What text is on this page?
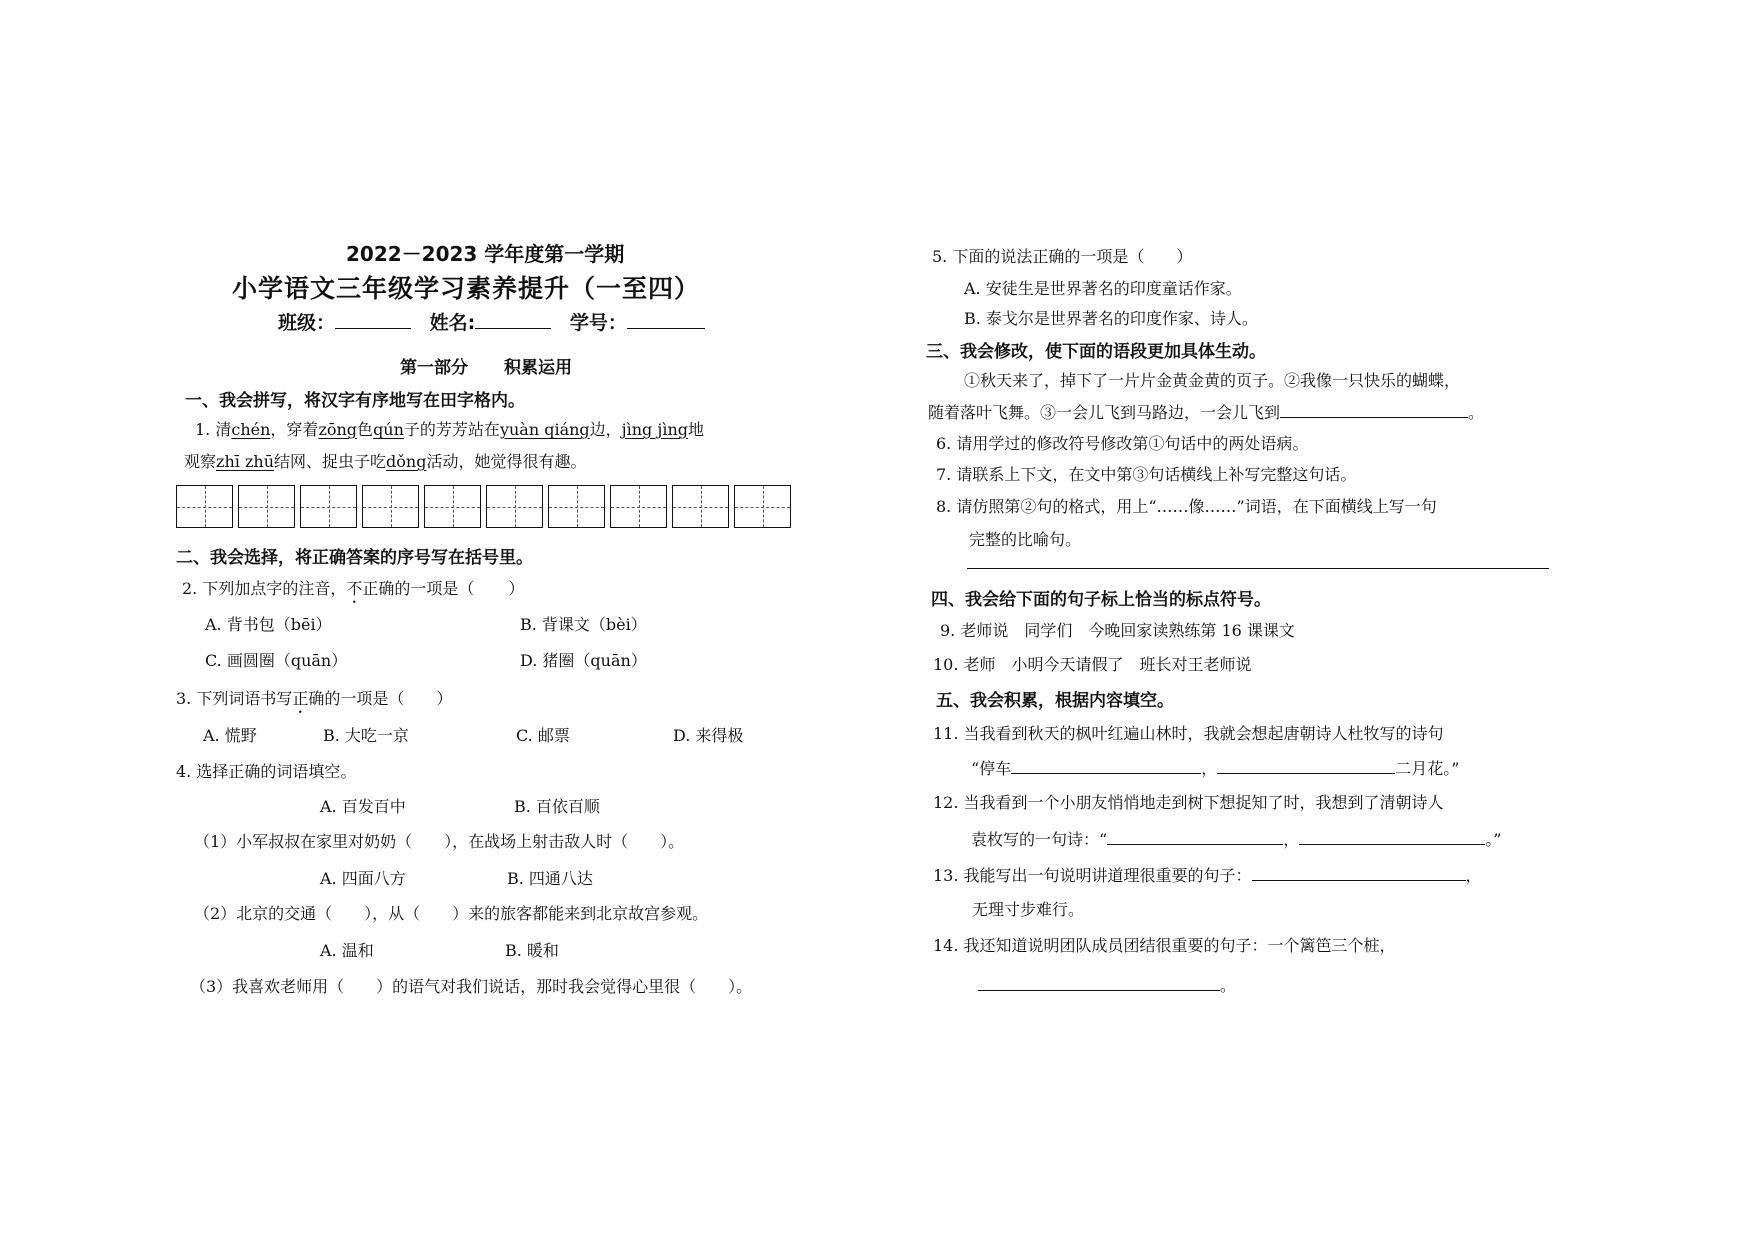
2022－2023 学年度第一学期
小学语文三年级学习素养提升（一至四）
班级：	姓名:	学号：
第一部分 积累运用
一、我会拼写，将汉字有序地写在田字格内。
1. 清chén，穿着zōng色qún子的芳芳站在yuàn qiáng边，jìng jìng地
观察zhī zhū结网、捉虫子吃dǒng活动，她觉得很有趣。
二、我会选择，将正确答案的序号写在括号里。
2. 下列加点字的注音，不正确的一项是（ ）
A. 背书包（bēi）	B. 背课文（bèi）
C. 画圆圈（quān）	D. 猪圈（quān）
3. 下列词语书写正确的一项是（　　）
A. 慌野	B. 大吃一京	C. 邮票	D. 来得极
4. 选择正确的词语填空。
A. 百发百中	B. 百依百顺
（1）小军叔叔在家里对奶奶（　　），在战场上射击敌人时（　　）。
A. 四面八方	B. 四通八达
（2）北京的交通（　　），从（　　）来的旅客都能来到北京故宫参观。
A. 温和	B. 暖和
（3）我喜欢老师用（　　）的语气对我们说话，那时我会觉得心里很（　　）。
5. 下面的说法正确的一项是（　　）
A. 安徒生是世界著名的印度童话作家。
B. 泰戈尔是世界著名的印度作家、诗人。
三、我会修改，使下面的语段更加具体生动。
①秋天来了，掉下了一片片金黄金黄的页子。②我像一只快乐的蝴蝶，
随着落叶飞舞。③一会儿飞到马路边，一会儿飞到	。
6. 请用学过的修改符号修改第①句话中的两处语病。
7. 请联系上下文，在文中第③句话横线上补写完整这句话。
8. 请仿照第②句的格式，用上“……像……”词语，在下面横线上写一句
完整的比喻句。
四、我会给下面的句子标上恰当的标点符号。
9. 老师说　同学们　今晚回家读熟练第 16 课课文
10. 老师　小明今天请假了　班长对王老师说
五、我会积累，根据内容填空。
11. 当我看到秋天的枫叶红遍山林时，我就会想起唐朝诗人杜牧写的诗句
“停车	，	二月花。”
12. 当我看到一个小朋友悄悄地走到树下想捉知了时，我想到了清朝诗人
袁枚写的一句诗：“	，	。”
13. 我能写出一句说明讲道理很重要的句子：	，
无理寸步难行。
14. 我还知道说明团队成员团结很重要的句子：一个篱笆三个桩，
。
